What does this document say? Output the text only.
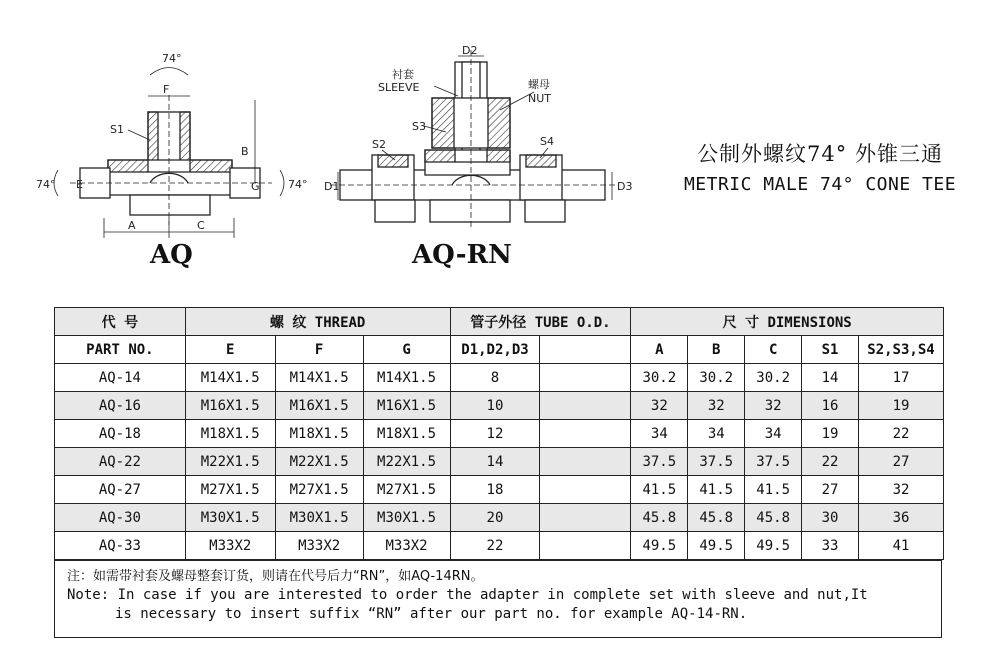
74°
F
S1
B
74° E	G	74°
A	C
D2
衬套
SLEEVE	螺母
NUT
S3
S2	S4
D1	D3
AQ	AQ-RN
公制外螺纹74° 外锥三通
METRIC MALE 74° CONE TEE
代 号	螺 纹 THREAD			管子外径 TUBE O.D.		尺 寸 DIMENSIONS				
PART NO.	E	F	G	D1,D2,D3		A	B	C	S1	S2,S3,S4
AQ-14	M14X1.5	M14X1.5	M14X1.5	8		30.2	30.2	30.2	14	17
AQ-16	M16X1.5	M16X1.5	M16X1.5	10		32	32	32	16	19
AQ-18	M18X1.5	M18X1.5	M18X1.5	12		34	34	34	19	22
AQ-22	M22X1.5	M22X1.5	M22X1.5	14		37.5	37.5	37.5	22	27
AQ-27	M27X1.5	M27X1.5	M27X1.5	18		41.5	41.5	41.5	27	32
AQ-30	M30X1.5	M30X1.5	M30X1.5	20		45.8	45.8	45.8	30	36
AQ-33	M33X2	M33X2	M33X2	22		49.5	49.5	49.5	33	41
注：如需带衬套及螺母整套订货，则请在代号后力“RN”，如AQ-14RN。
Note: In case if you are interested to order the adapter in complete set with sleeve and nut,It
is necessary to insert suffix “RN” after our part no. for example AQ-14-RN.
